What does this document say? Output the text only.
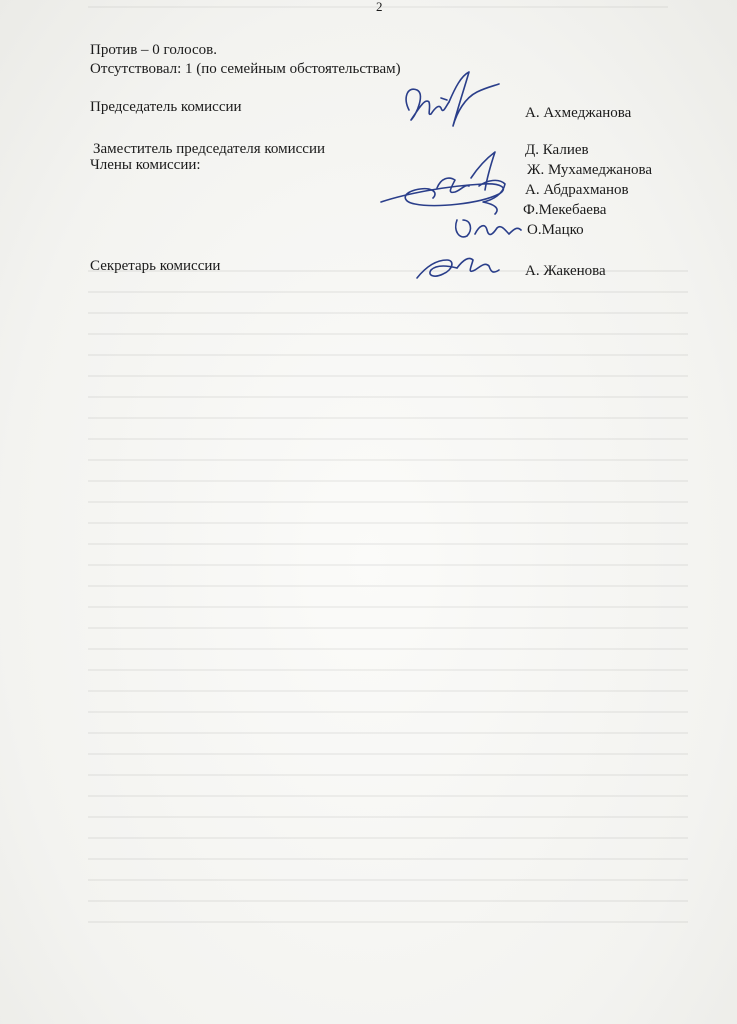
2
Против – 0 голосов.
Отсутствовал: 1 (по семейным обстоятельствам)
Председатель комиссии	А. Ахмеджанова
Заместитель председателя комиссии	Д. Калиев
Члены комиссии:	Ж. Мухамеджанова
А. Абдрахманов
Ф.Мекебаева
О.Мацко
Секретарь комиссии	А. Жакенова
